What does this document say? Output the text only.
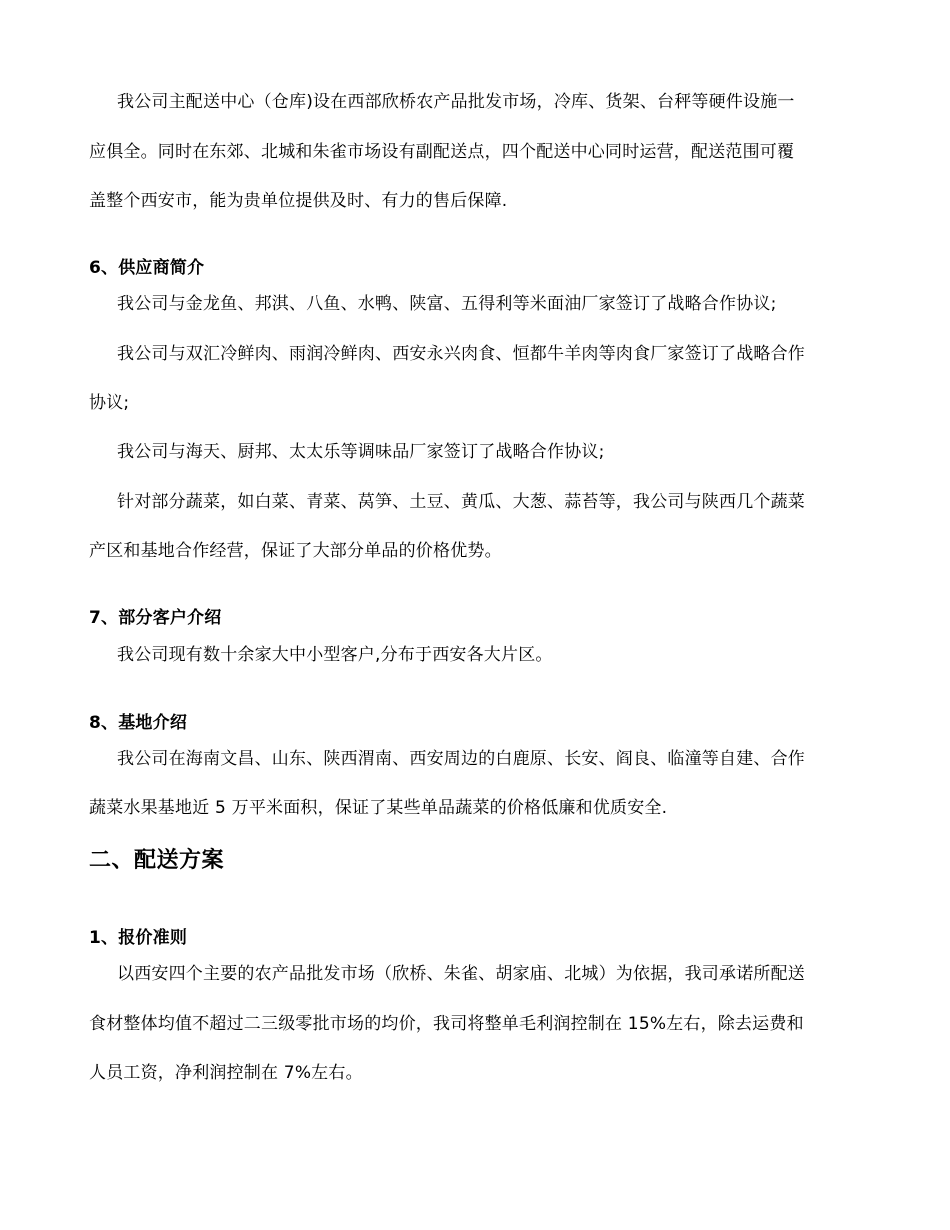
我公司主配送中心（仓库)设在西部欣桥农产品批发市场，冷库、货架、台秤等硬件设施一
应俱全。同时在东郊、北城和朱雀市场设有副配送点，四个配送中心同时运营，配送范围可覆
盖整个西安市，能为贵单位提供及时、有力的售后保障.
6、供应商简介
我公司与金龙鱼、邦淇、八鱼、水鸭、陕富、五得利等米面油厂家签订了战略合作协议;
我公司与双汇冷鲜肉、雨润冷鲜肉、西安永兴肉食、恒都牛羊肉等肉食厂家签订了战略合作
协议;
我公司与海天、厨邦、太太乐等调味品厂家签订了战略合作协议;
针对部分蔬菜，如白菜、青菜、莴笋、土豆、黄瓜、大葱、蒜苔等，我公司与陕西几个蔬菜
产区和基地合作经营，保证了大部分单品的价格优势。
7、部分客户介绍
我公司现有数十余家大中小型客户,分布于西安各大片区。
8、基地介绍
我公司在海南文昌、山东、陕西渭南、西安周边的白鹿原、长安、阎良、临潼等自建、合作
蔬菜水果基地近 5 万平米面积，保证了某些单品蔬菜的价格低廉和优质安全.
二、配送方案
1、报价准则
以西安四个主要的农产品批发市场（欣桥、朱雀、胡家庙、北城）为依据，我司承诺所配送
食材整体均值不超过二三级零批市场的均价，我司将整单毛利润控制在 15%左右，除去运费和
人员工资，净利润控制在 7%左右。
